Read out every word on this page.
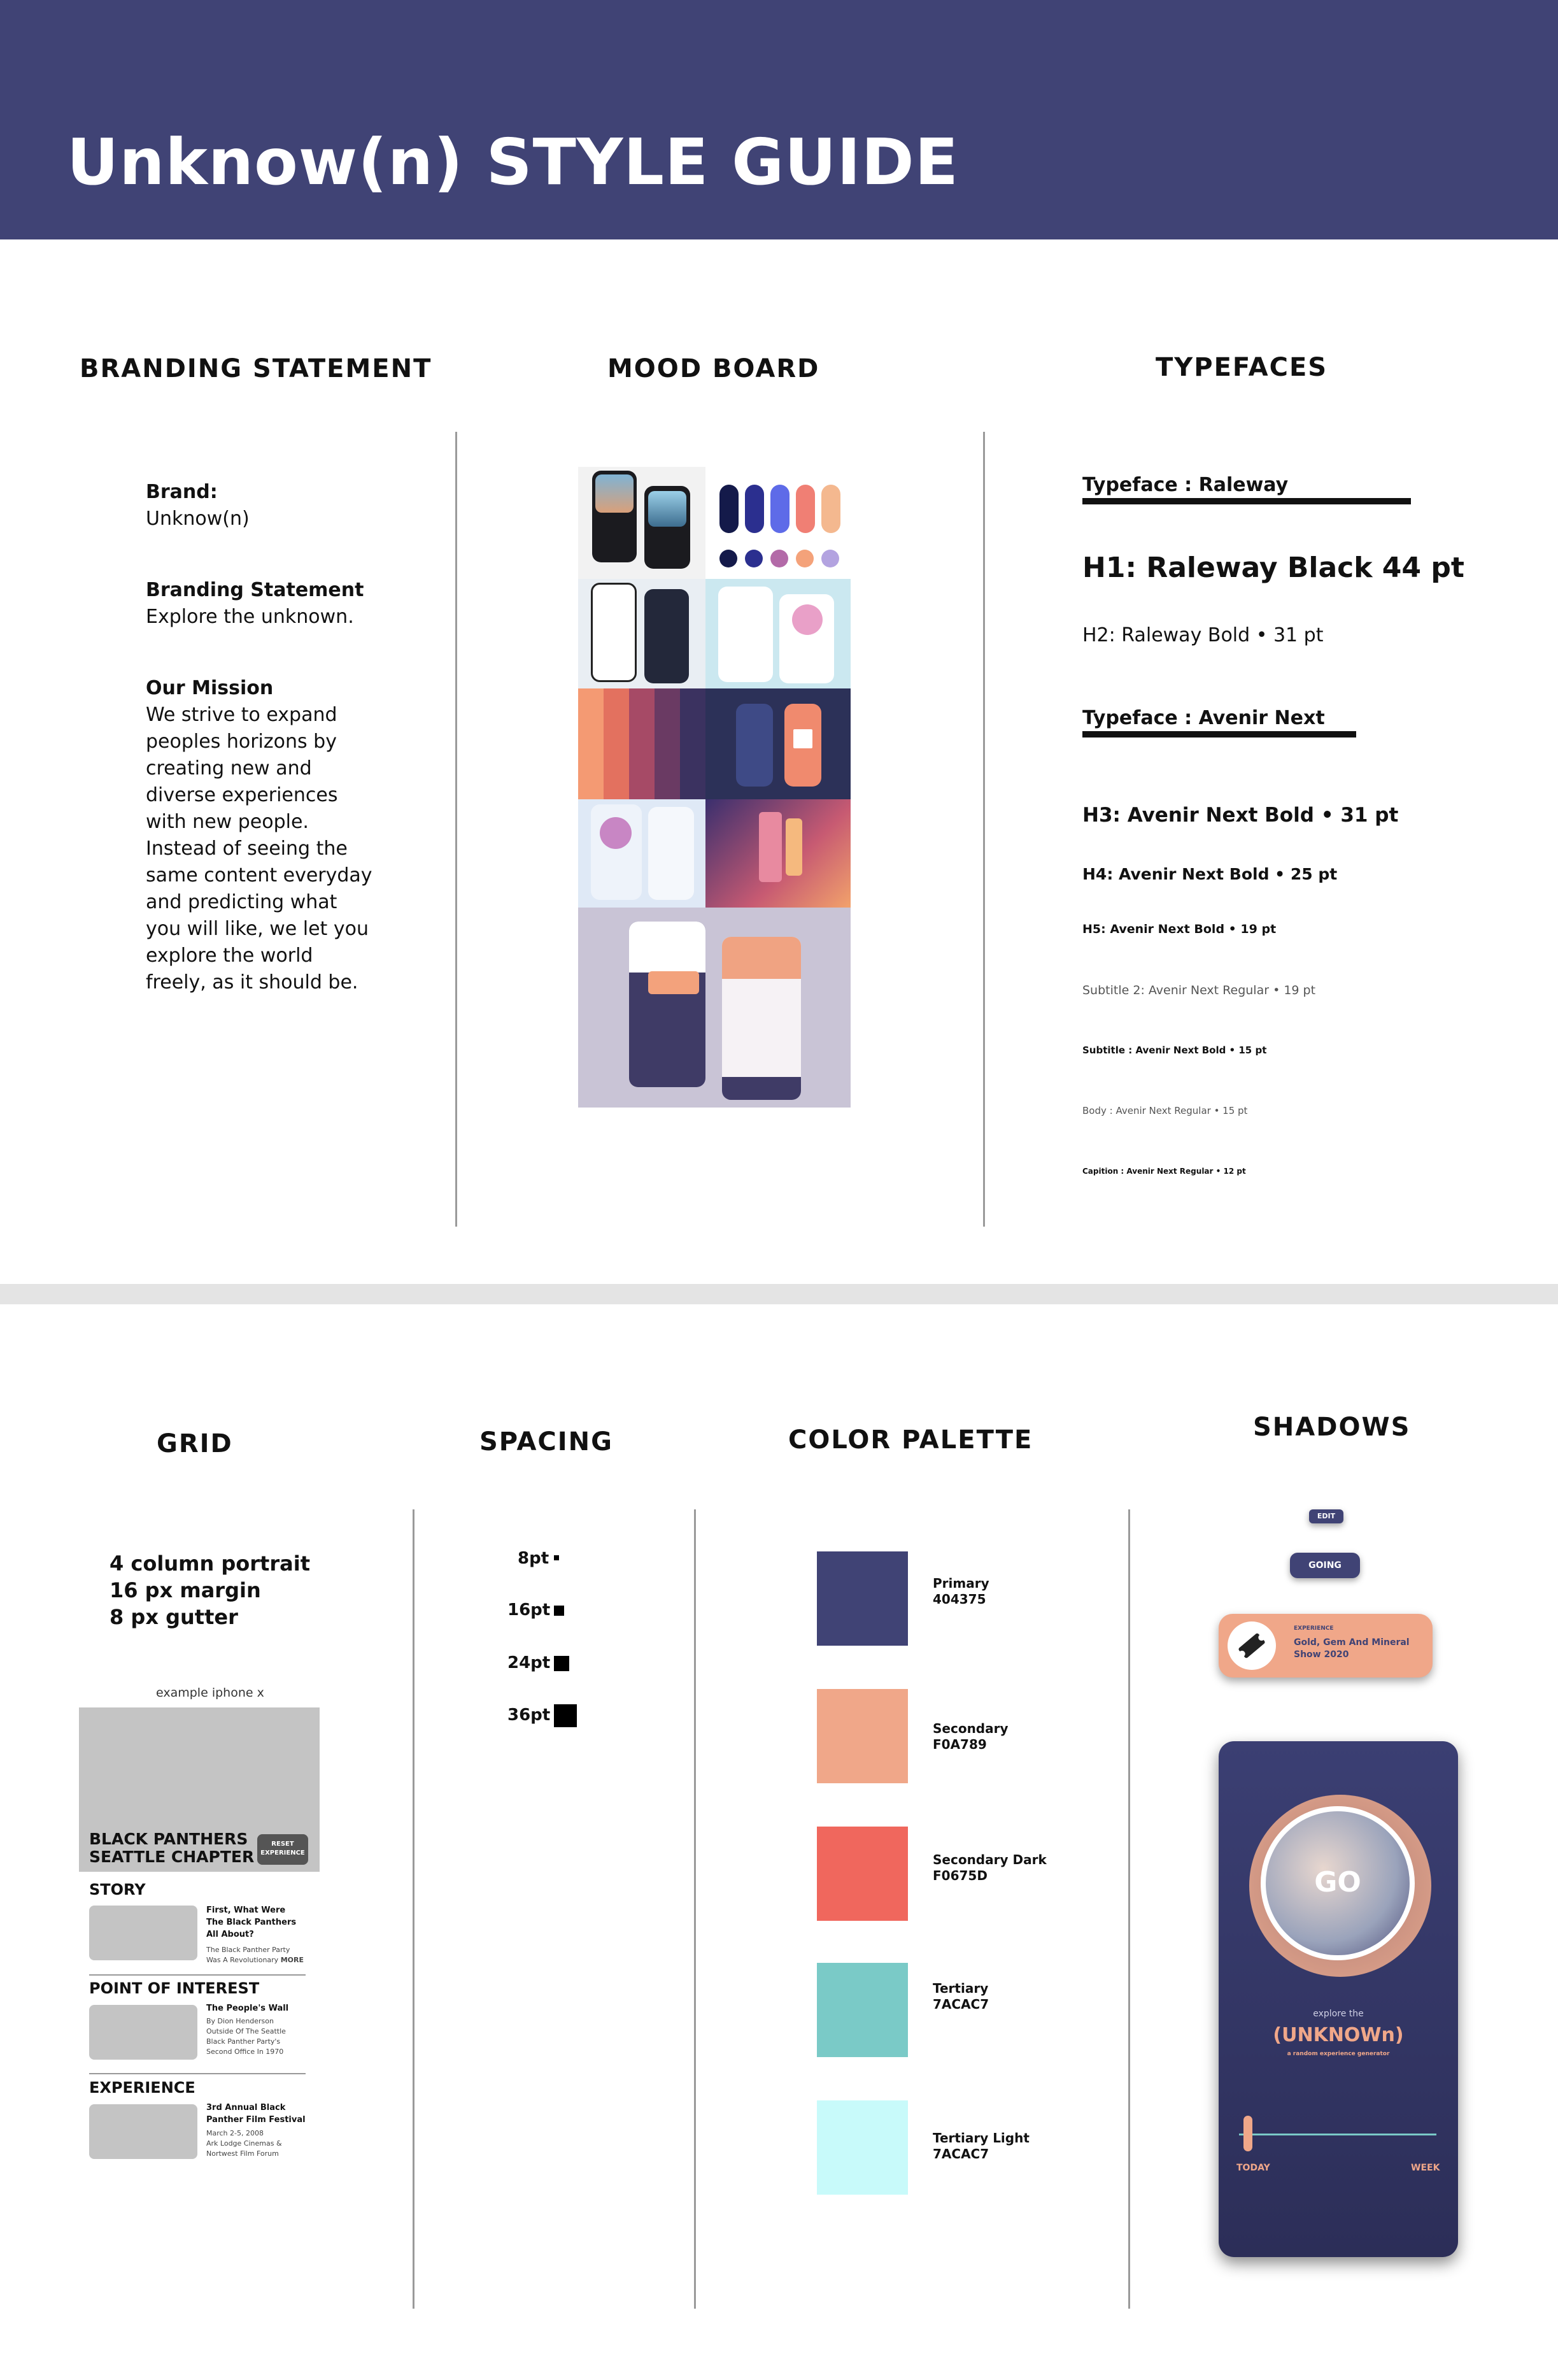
Unknow(n) STYLE GUIDE
BRANDING STATEMENT	MOOD BOARD	TYPEFACES
Brand:
Unknow(n)
Branding Statement
Explore the unknown.
Our Mission
We strive to expand
peoples horizons by
creating new and
diverse experiences
with new people.
Instead of seeing the
same content everyday
and predicting what
you will like, we let you
explore the world
freely, as it should be.
Typeface : Raleway
H1: Raleway Black 44 pt
H2: Raleway Bold • 31 pt
Typeface : Avenir Next
H3: Avenir Next Bold • 31 pt
H4: Avenir Next Bold • 25 pt
H5: Avenir Next Bold • 19 pt
Subtitle 2: Avenir Next Regular • 19 pt
Subtitle : Avenir Next Bold • 15 pt
Body : Avenir Next Regular • 15 pt
Capition : Avenir Next Regular • 12 pt
GRID	SPACING	COLOR PALETTE	SHADOWS
4 column portrait
16 px margin
8 px gutter
example iphone x
BLACK PANTHERS
SEATTLE CHAPTER
RESET
EXPERIENCE
STORY
First, What Were
The Black Panthers
All About?
The Black Panther Party
Was A Revolutionary MORE
POINT OF INTEREST
The People's Wall
By Dion Henderson
Outside Of The Seattle
Black Panther Party's
Second Office In 1970
EXPERIENCE
3rd Annual Black
Panther Film Festival
March 2-5, 2008
Ark Lodge Cinemas &
Nortwest Film Forum
8pt
16pt
24pt
36pt
Primary
404375
Secondary
F0A789
Secondary Dark
F0675D
Tertiary
7ACAC7
Tertiary Light
7ACAC7
EDIT
GOING
EXPERIENCE
Gold, Gem And Mineral
Show 2020
GO
explore the
(UNKNOWn)
a random experience generator
TODAY	WEEK
